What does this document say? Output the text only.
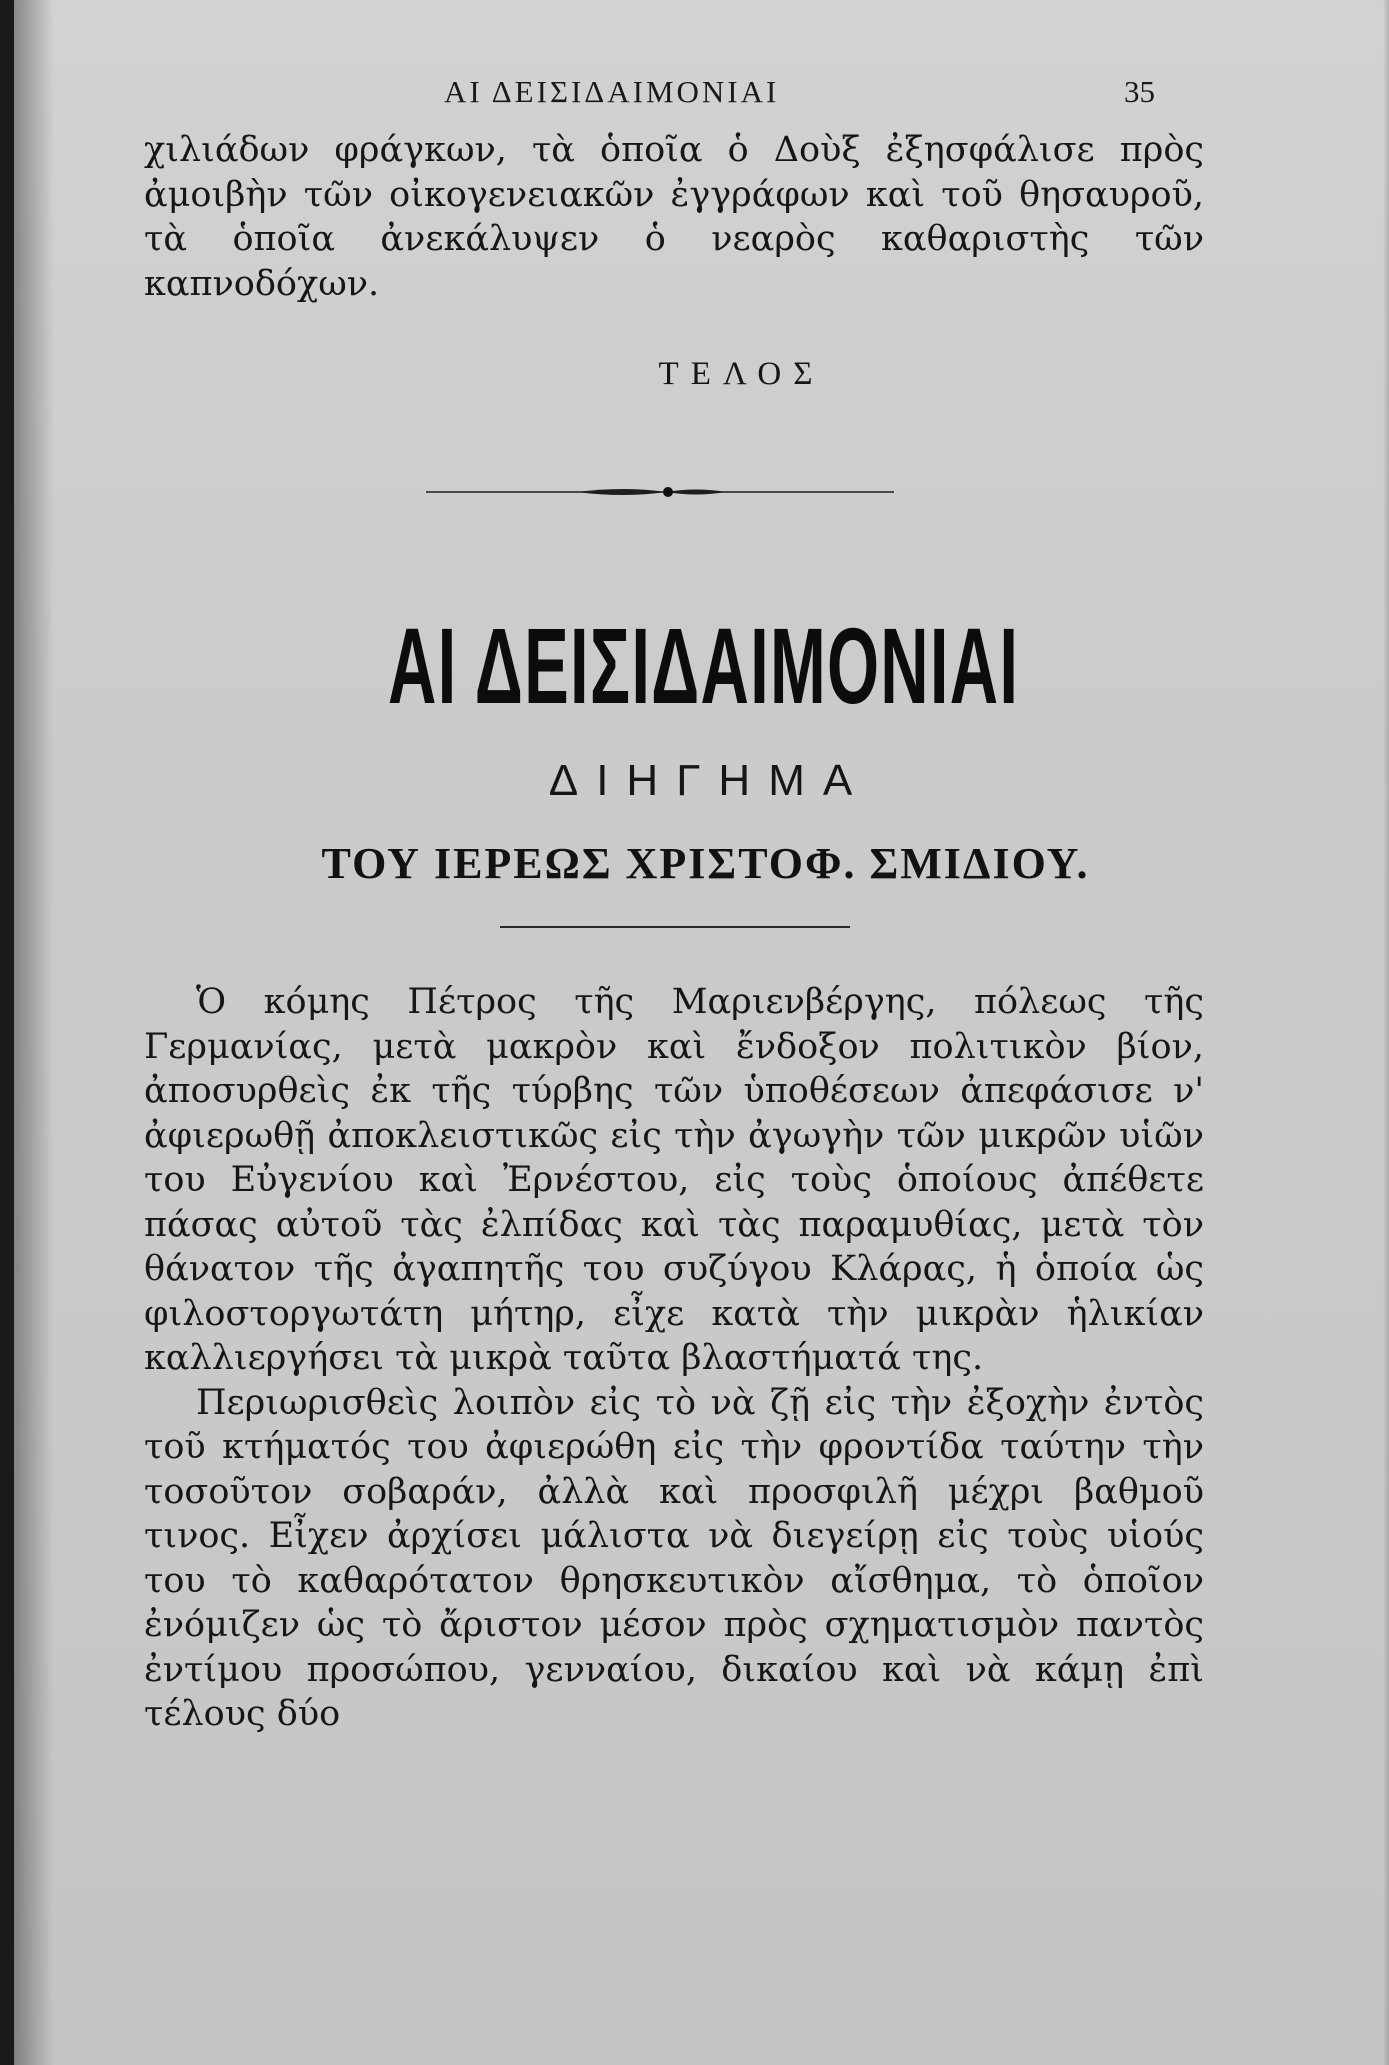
ΑΙ ΔΕΙΣΙΔΑΙΜΟΝΙΑΙ	35

χιλιάδων φράγκων, τὰ ὁποῖα ὁ Δοὺξ ἐξησφάλισε πρὸς ἀμοιβὴν τῶν οἰκογενειακῶν ἐγγράφων καὶ τοῦ θησαυροῦ, τὰ ὁποῖα ἀνεκάλυψεν ὁ νεαρὸς καθαριστὴς τῶν καπνοδόχων.

ΤΕΛΟΣ
ΑΙ ΔΕΙΣΙΔΑΙΜΟΝΙΑΙ
ΔΙΗΓΗΜΑ
ΤΟΥ ΙΕΡΕΩΣ ΧΡΙΣΤΟΦ. ΣΜΙΔΙΟΥ.

Ὁ κόμης Πέτρος τῆς Μαριενβέργης, πόλεως τῆς Γερμανίας, μετὰ μακρὸν καὶ ἔνδοξον πολιτικὸν βίον, ἀποσυρθεὶς ἐκ τῆς τύρβης τῶν ὑποθέσεων ἀπεφάσισε ν' ἀφιερωθῇ ἀποκλειστικῶς εἰς τὴν ἀγωγὴν τῶν μικρῶν υἱῶν του Εὐγενίου καὶ Ἐρνέστου, εἰς τοὺς ὁποίους ἀπέθετε πάσας αὐτοῦ τὰς ἐλπίδας καὶ τὰς παραμυθίας, μετὰ τὸν θάνατον τῆς ἀγαπητῆς του συζύγου Κλάρας, ἡ ὁποία ὡς φιλοστοργωτάτη μήτηρ, εἶχε κατὰ τὴν μικρὰν ἡλικίαν καλλιεργήσει τὰ μικρὰ ταῦτα βλαστήματά της.

Περιωρισθεὶς λοιπὸν εἰς τὸ νὰ ζῇ εἰς τὴν ἐξοχὴν ἐντὸς τοῦ κτήματός του ἀφιερώθη εἰς τὴν φροντίδα ταύτην τὴν τοσοῦτον σοβαράν, ἀλλὰ καὶ προσφιλῆ μέχρι βαθμοῦ τινος. Εἶχεν ἀρχίσει μάλιστα νὰ διεγείρῃ εἰς τοὺς υἱούς του τὸ καθαρότατον θρησκευτικὸν αἴσθημα, τὸ ὁποῖον ἐνόμιζεν ὡς τὸ ἄριστον μέσον πρὸς σχηματισμὸν παντὸς ἐντίμου προσώπου, γενναίου, δικαίου καὶ νὰ κάμῃ ἐπὶ τέλους δύο
